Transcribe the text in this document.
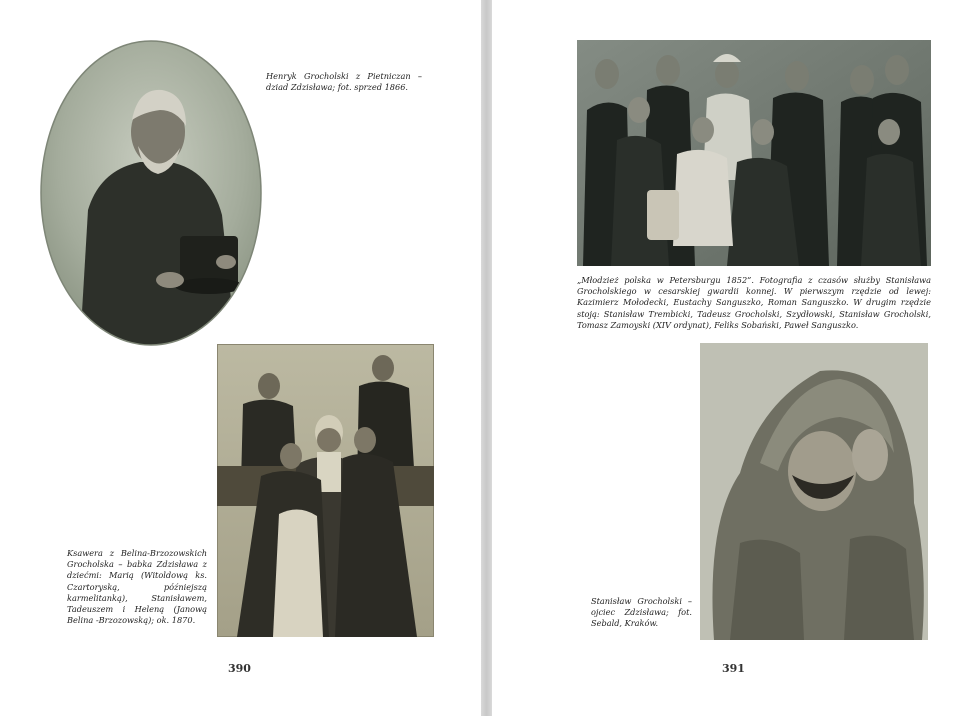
Henryk Grocholski z Pietniczan – dziad Zdzisława; fot. sprzed 1866.

Ksawera z Belina-Brzozowskich Grocholska – babka Zdzisława z dziećmi: Marią (Witoldową ks. Czartoryską, późniejszą karmelitanką), Stanisławem, Tadeuszem i Heleną (Janową Belina -Brzozowską); ok. 1870.

390

„Młodzież polska w Petersburgu 1852”. Fotografia z czasów służby Stanisława Grocholskiego w cesarskiej gwardii konnej. W pierwszym rzędzie od lewej: Kazimierz Mołodecki, Eustachy Sanguszko, Roman Sanguszko. W drugim rzędzie stoją: Stanisław Trembicki, Tadeusz Grocholski, Szydłowski, Stanisław Grocholski, Tomasz Zamoyski (XIV ordynat), Feliks Sobański, Paweł Sanguszko.

Stanisław Grocholski – ojciec Zdzisława; fot. Sebald, Kraków.

391
